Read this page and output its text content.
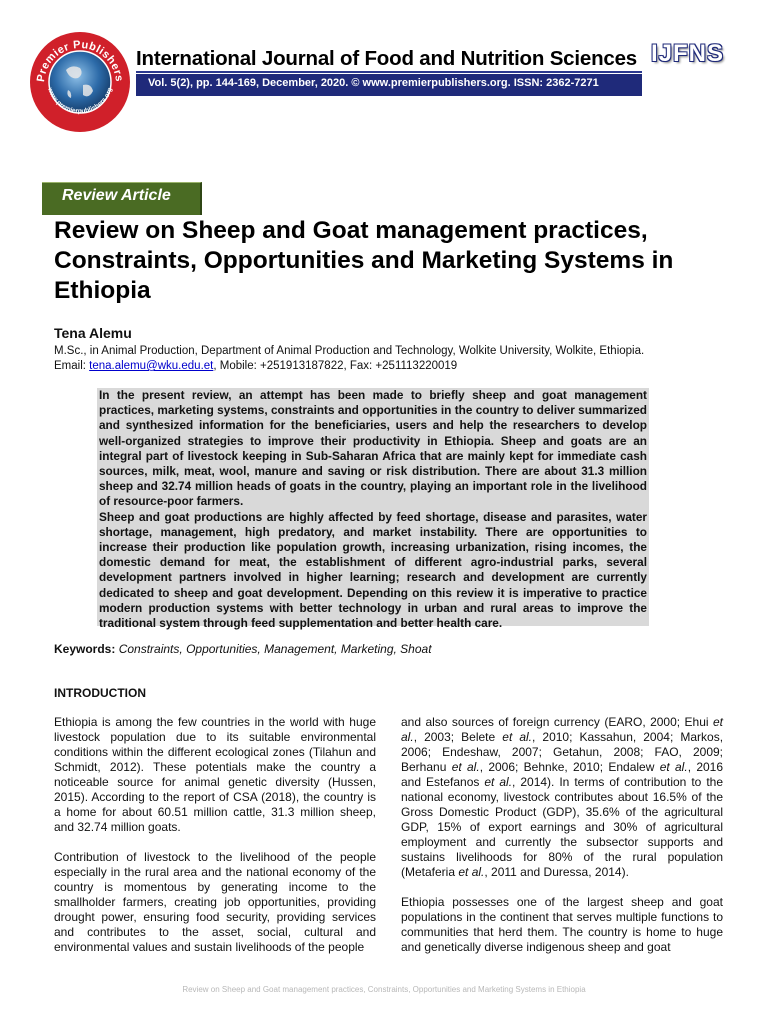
Premier Publishers
www.premierpublishers.org
International Journal of Food and Nutrition Sciences
Vol. 5(2), pp. 144-169, December, 2020. © www.premierpublishers.org. ISSN: 2362-7271
IJFNS
Review Article
Review on Sheep and Goat management practices, Constraints, Opportunities and Marketing Systems in Ethiopia
Tena Alemu
M.Sc., in Animal Production, Department of Animal Production and Technology, Wolkite University, Wolkite, Ethiopia.
Email: tena.alemu@wku.edu.et, Mobile: +251913187822, Fax: +251113220019

In the present review, an attempt has been made to briefly sheep and goat management practices, marketing systems, constraints and opportunities in the country to deliver summarized and synthesized information for the beneficiaries, users and help the researchers to develop well-organized strategies to improve their productivity in Ethiopia. Sheep and goats are an integral part of livestock keeping in Sub-Saharan Africa that are mainly kept for immediate cash sources, milk, meat, wool, manure and saving or risk distribution. There are about 31.3 million sheep and 32.74 million heads of goats in the country, playing an important role in the livelihood of resource-poor farmers.

Sheep and goat productions are highly affected by feed shortage, disease and parasites, water shortage, management, high predatory, and market instability. There are opportunities to increase their production like population growth, increasing urbanization, rising incomes, the domestic demand for meat, the establishment of different agro-industrial parks, several development partners involved in higher learning; research and development are currently dedicated to sheep and goat development. Depending on this review it is imperative to practice modern production systems with better technology in urban and rural areas to improve the traditional system through feed supplementation and better health care.

Keywords: Constraints, Opportunities, Management, Marketing, Shoat
INTRODUCTION

Ethiopia is among the few countries in the world with huge livestock population due to its suitable environmental conditions within the different ecological zones (Tilahun and Schmidt, 2012). These potentials make the country a noticeable source for animal genetic diversity (Hussen, 2015). According to the report of CSA (2018), the country is a home for about 60.51 million cattle, 31.3 million sheep, and 32.74 million goats.

Contribution of livestock to the livelihood of the people especially in the rural area and the national economy of the country is momentous by generating income to the smallholder farmers, creating job opportunities, providing drought power, ensuring food security, providing services and contributes to the asset, social, cultural and environmental values and sustain livelihoods of the people

and also sources of foreign currency (EARO, 2000; Ehui et al., 2003; Belete et al., 2010; Kassahun, 2004; Markos, 2006; Endeshaw, 2007; Getahun, 2008; FAO, 2009; Berhanu et al., 2006; Behnke, 2010; Endalew et al., 2016 and Estefanos et al., 2014). In terms of contribution to the national economy, livestock contributes about 16.5% of the Gross Domestic Product (GDP), 35.6% of the agricultural GDP, 15% of export earnings and 30% of agricultural employment and currently the subsector supports and sustains livelihoods for 80% of the rural population (Metaferia et al., 2011 and Duressa, 2014).

Ethiopia possesses one of the largest sheep and goat populations in the continent that serves multiple functions to communities that herd them. The country is home to huge and genetically diverse indigenous sheep and goat

Review on Sheep and Goat management practices, Constraints, Opportunities and Marketing Systems in Ethiopia
